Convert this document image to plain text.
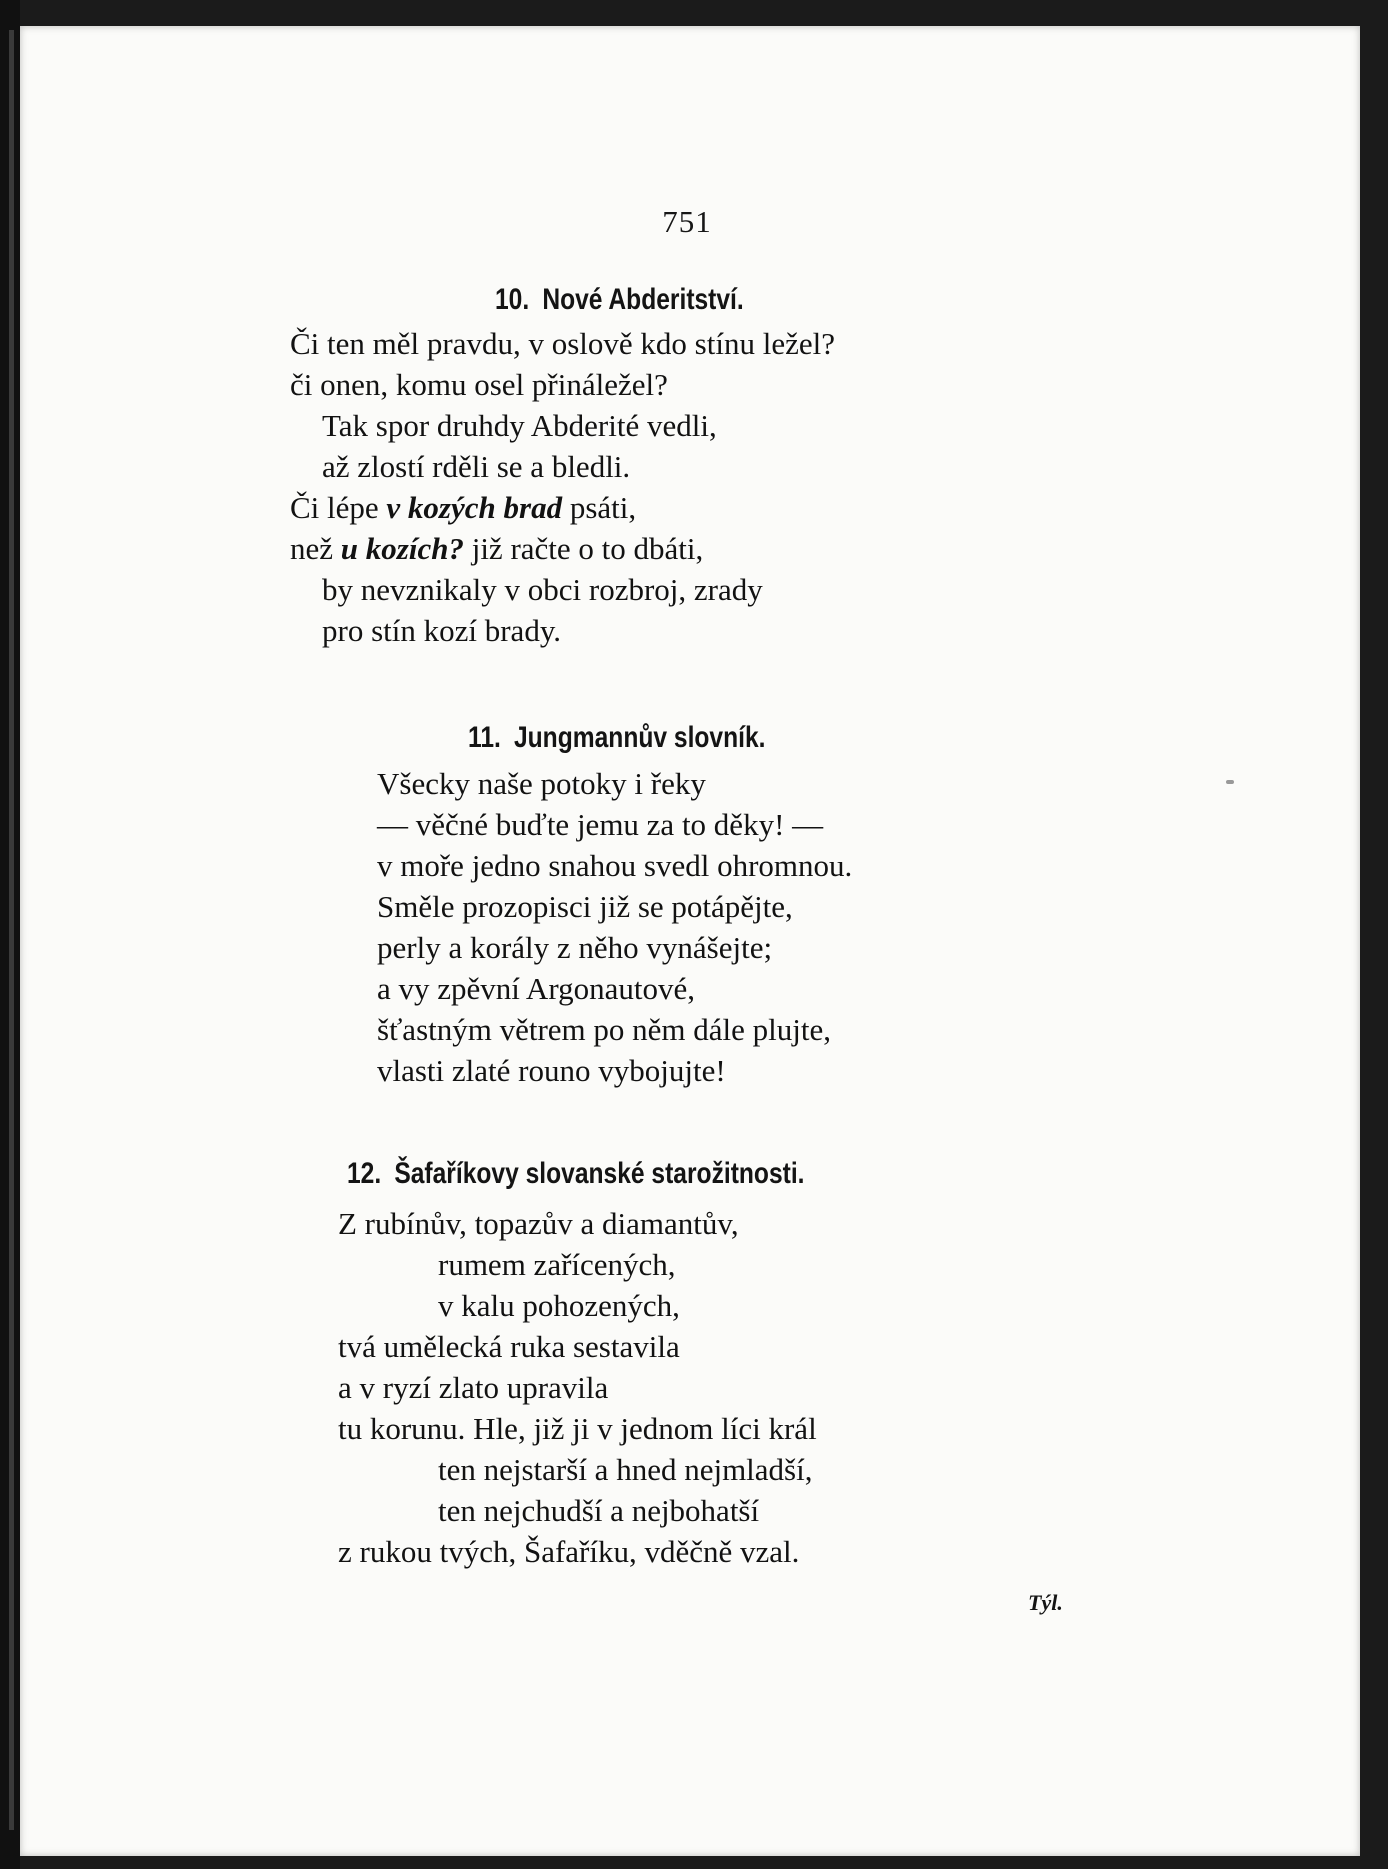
751
10. Nové Abderitství.
Či ten měl pravdu, v oslově kdo stínu ležel?
či onen, komu osel přináležel?
Tak spor druhdy Abderité vedli,
až zlostí rděli se a bledli.
Či lépe v kozých brad psáti,
než u kozích? již račte o to dbáti,
by nevznikaly v obci rozbroj, zrady
pro stín kozí brady.
11. Jungmannův slovník.
Všecky naše potoky i řeky
— věčné buďte jemu za to děky! —
v moře jedno snahou svedl ohromnou.
Směle prozopisci již se potápějte,
perly a korály z něho vynášejte;
a vy zpěvní Argonautové,
šťastným větrem po něm dále plujte,
vlasti zlaté rouno vybojujte!
12. Šafaříkovy slovanské starožitnosti.
Z rubínův, topazův a diamantův,
rumem zařícených,
v kalu pohozených,
tvá umělecká ruka sestavila
a v ryzí zlato upravila
tu korunu. Hle, již ji v jednom líci král
ten nejstarší a hned nejmladší,
ten nejchudší a nejbohatší
z rukou tvých, Šafaříku, vděčně vzal.
Týl.
